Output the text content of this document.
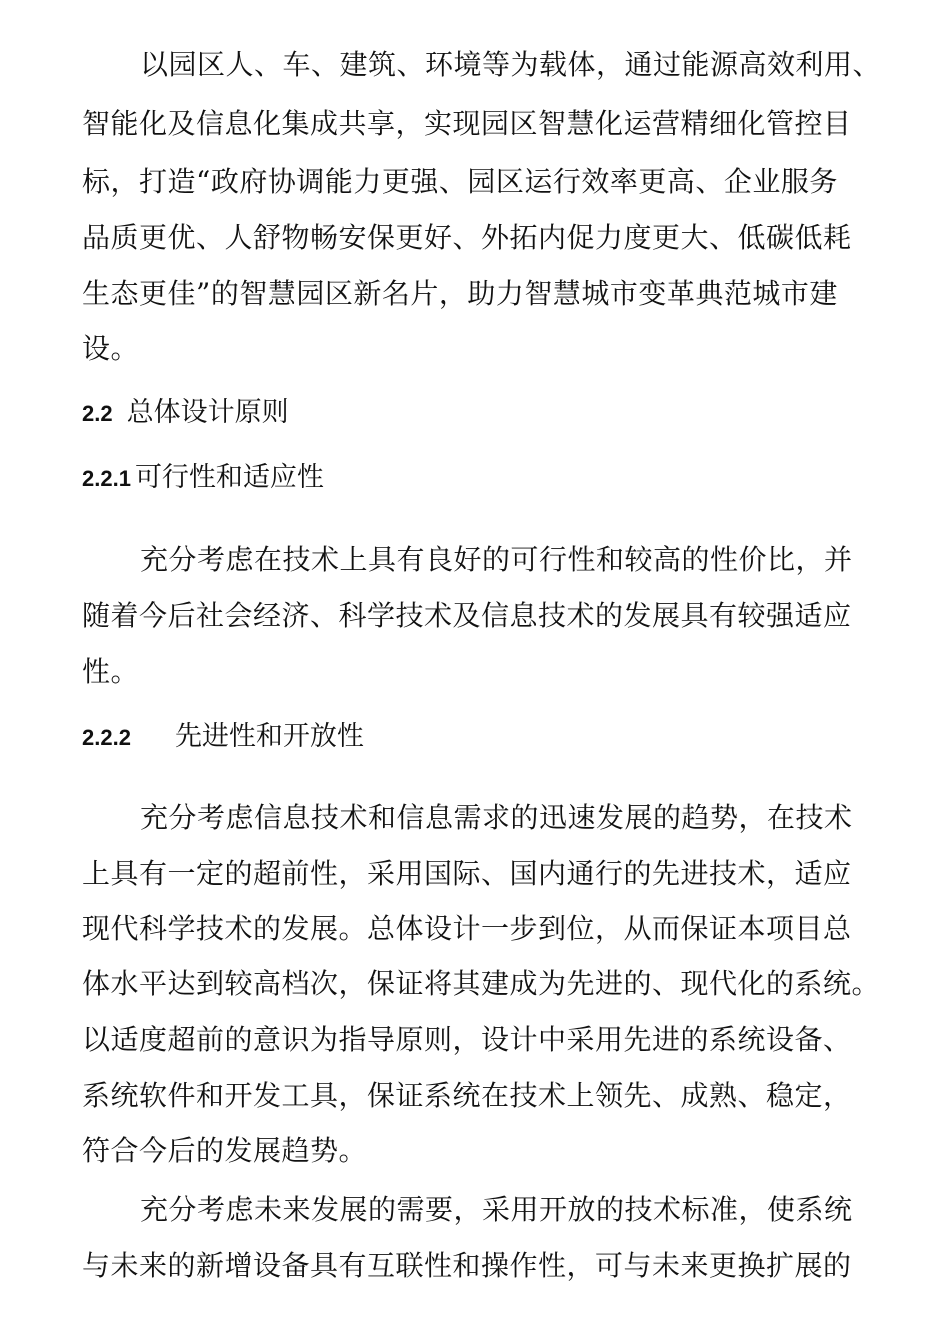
以园区人、车、建筑、环境等为载体，通过能源高效利用、
智能化及信息化集成共享，实现园区智慧化运营精细化管控目
标，打造“政府协调能力更强、园区运行效率更高、企业服务
品质更优、人舒物畅安保更好、外拓内促力度更大、低碳低耗
生态更佳”的智慧园区新名片，助力智慧城市变革典范城市建
设。
2.2 总体设计原则
2.2.1 可行性和适应性
充分考虑在技术上具有良好的可行性和较高的性价比，并
随着今后社会经济、科学技术及信息技术的发展具有较强适应
性。
2.2.2 先进性和开放性
充分考虑信息技术和信息需求的迅速发展的趋势，在技术
上具有一定的超前性，采用国际、国内通行的先进技术，适应
现代科学技术的发展。总体设计一步到位，从而保证本项目总
体水平达到较高档次，保证将其建成为先进的、现代化的系统。
以适度超前的意识为指导原则，设计中采用先进的系统设备、
系统软件和开发工具，保证系统在技术上领先、成熟、稳定，
符合今后的发展趋势。
充分考虑未来发展的需要，采用开放的技术标准，使系统
与未来的新增设备具有互联性和操作性，可与未来更换扩展的
